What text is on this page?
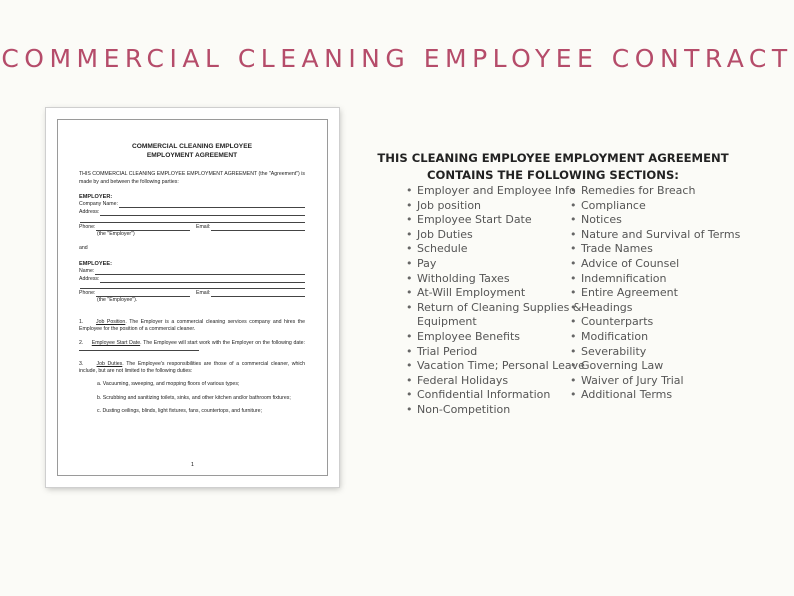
COMMERCIAL CLEANING EMPLOYEE CONTRACT
COMMERCIAL CLEANING EMPLOYEE
EMPLOYMENT AGREEMENT
THIS COMMERCIAL CLEANING EMPLOYEE EMPLOYMENT AGREEMENT (the "Agreement") is made by and between the following parties:
EMPLOYER:
Company Name:
Address:
Phone:	Email:
(the "Employer")
and
EMPLOYEE:
Name:
Address:
Phone:	Email:
(the "Employee").
1. Job Position. The Employer is a commercial cleaning services company and hires the Employee for the position of a commercial cleaner.
2. Employee Start Date. The Employee will start work with the Employer on the following date:
3.	Job Duties. The Employee's responsibilities are those of a commercial cleaner, which include, but are not limited to the following duties:
a. Vacuuming, sweeping, and mopping floors of various types;
b. Scrubbing and sanitizing toilets, sinks, and other kitchen and/or bathroom fixtures;
c. Dusting ceilings, blinds, light fixtures, fans, countertops, and furniture;
1
THIS CLEANING EMPLOYEE EMPLOYMENT AGREEMENT
CONTAINS THE FOLLOWING SECTIONS:
• Employer and Employee Info
• Job position
• Employee Start Date
• Job Duties
• Schedule
• Pay
• Witholding Taxes
• At-Will Employment
• Return of Cleaning Supplies &
Equipment
• Employee Benefits
• Trial Period
• Vacation Time; Personal Leave
• Federal Holidays
• Confidential Information
• Non-Competition
• Remedies for Breach
• Compliance
• Notices
• Nature and Survival of Terms
• Trade Names
• Advice of Counsel
• Indemnification
• Entire Agreement
• Headings
• Counterparts
• Modification
• Severability
• Governing Law
• Waiver of Jury Trial
• Additional Terms
